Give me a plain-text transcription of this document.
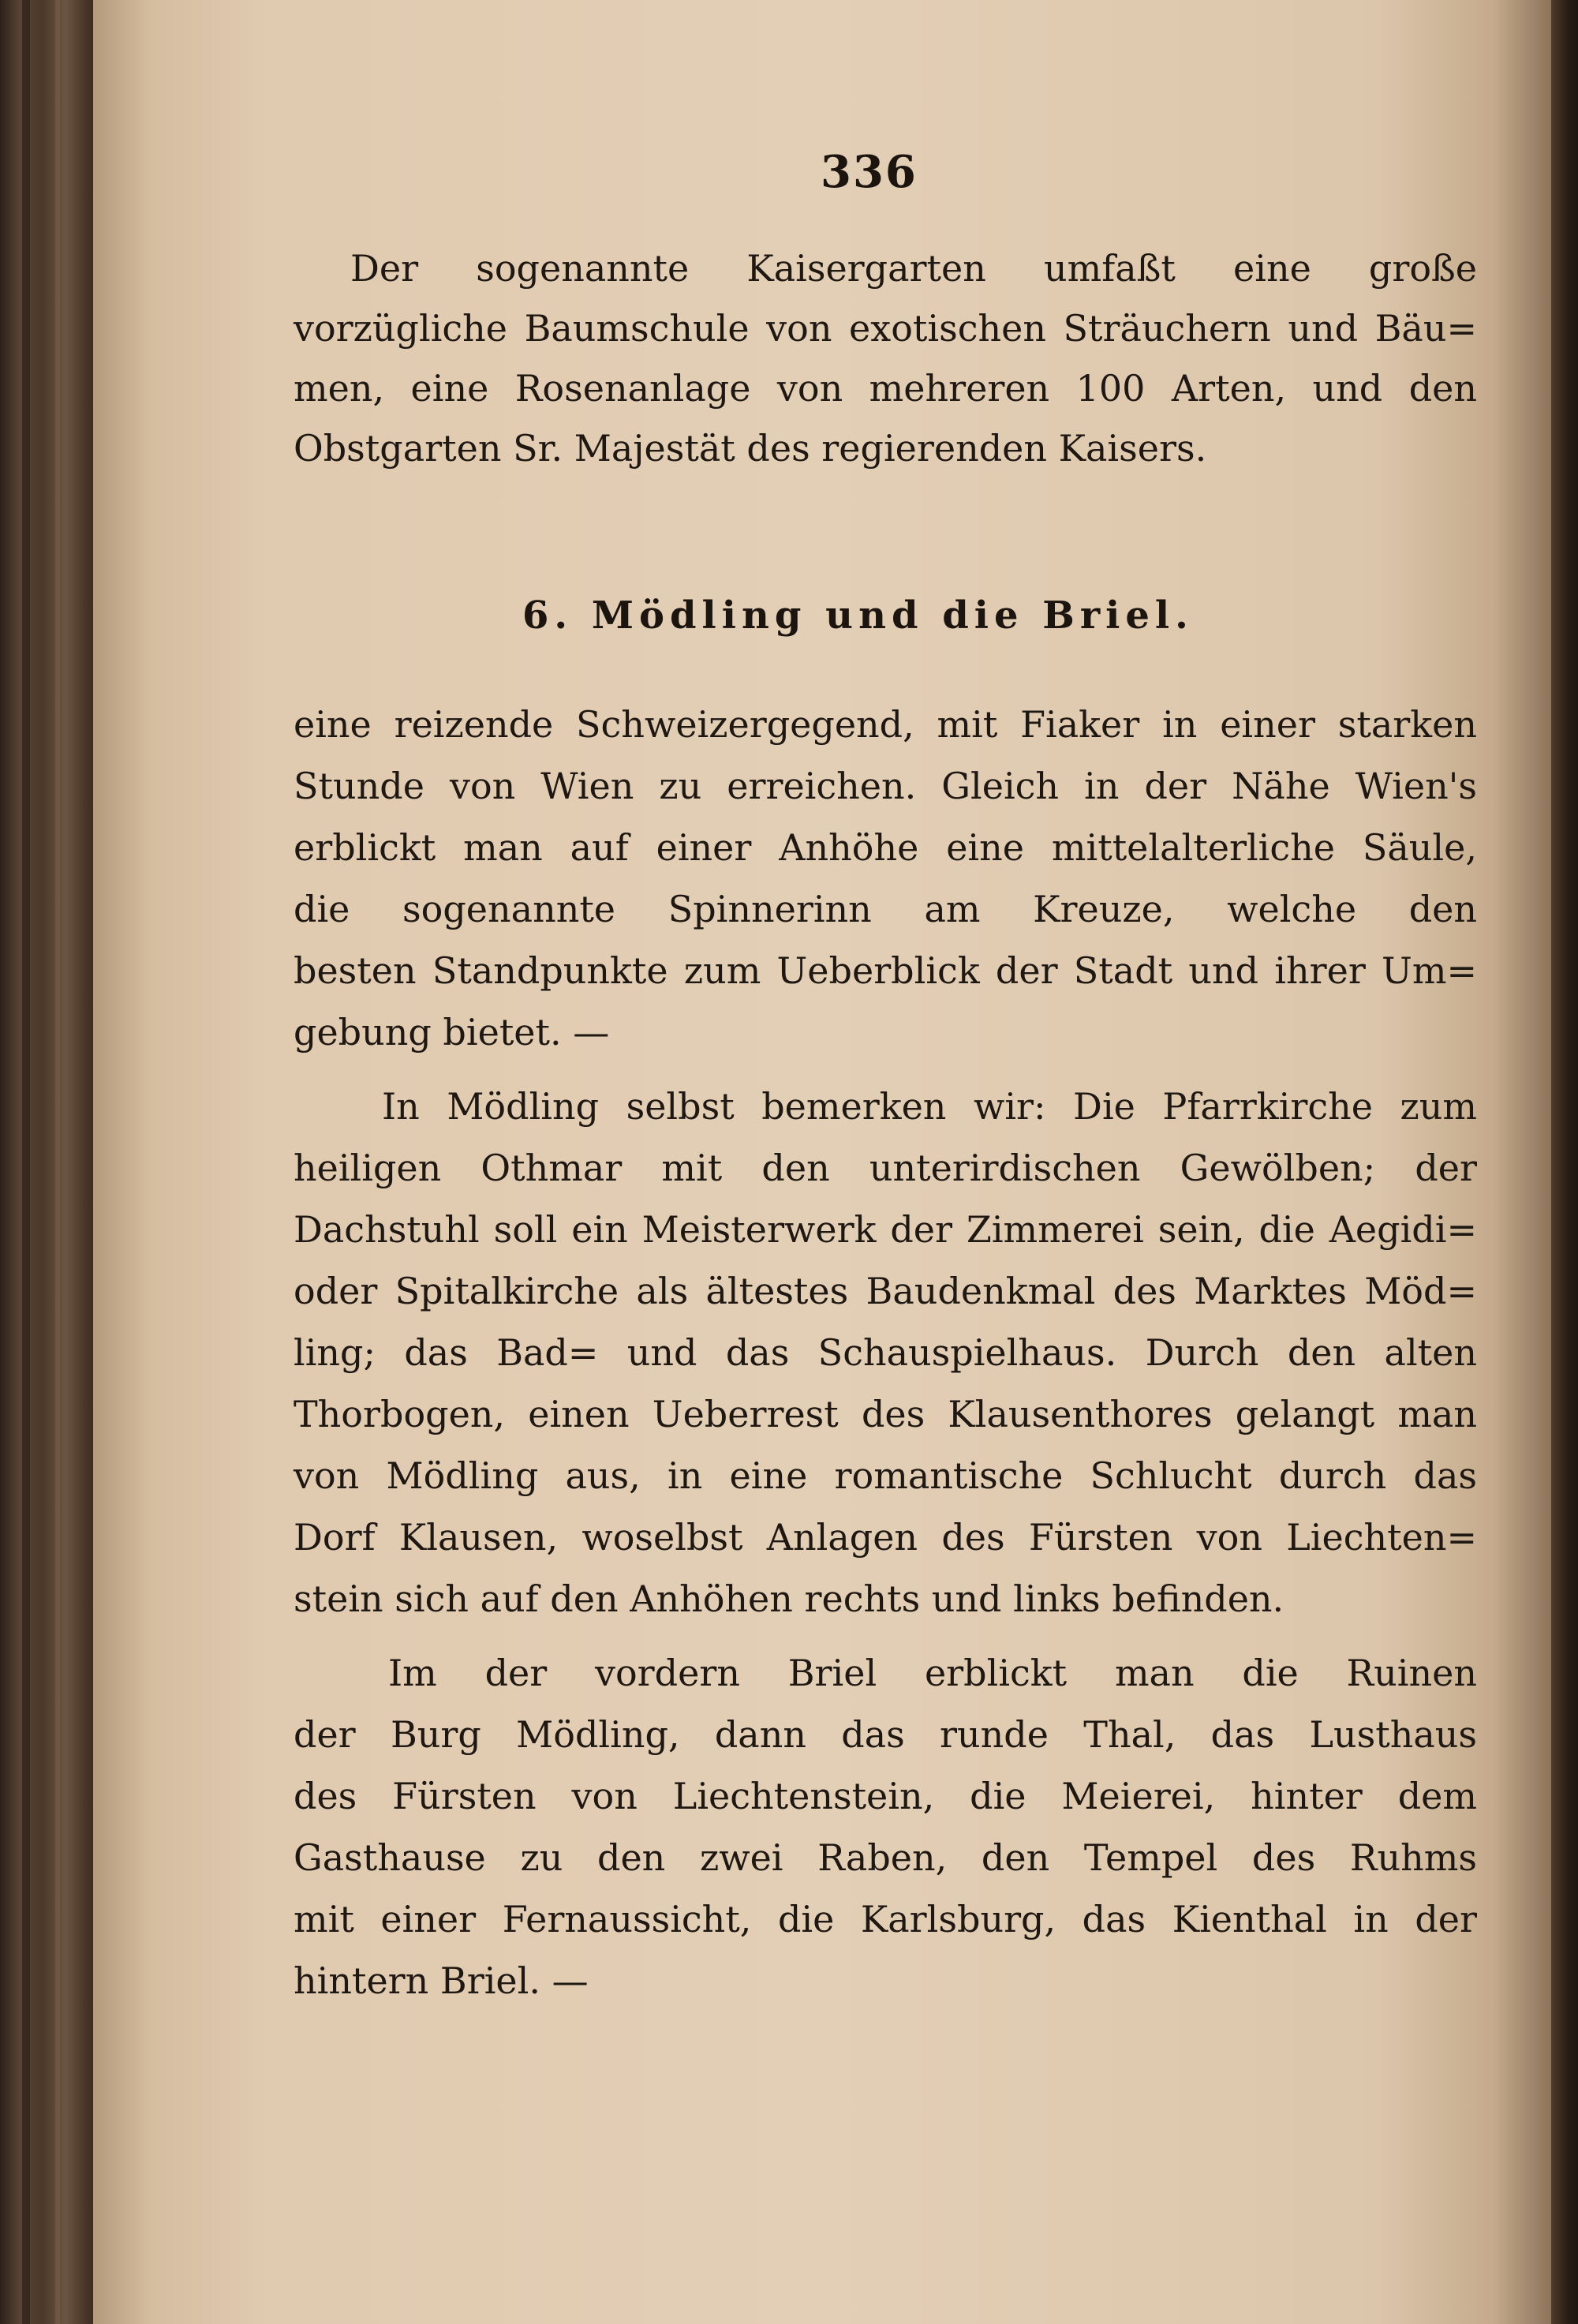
336
Der sogenannte Kaisergarten umfaßt eine große
vorzügliche Baumschule von exotischen Sträuchern und Bäu=
men, eine Rosenanlage von mehreren 100 Arten, und den
Obstgarten Sr. Majestät des regierenden Kaisers.
6. Mödling und die Briel.
eine reizende Schweizergegend, mit Fiaker in einer starken
Stunde von Wien zu erreichen. Gleich in der Nähe Wien's
erblickt man auf einer Anhöhe eine mittelalterliche Säule,
die sogenannte Spinnerinn am Kreuze, welche den
besten Standpunkte zum Ueberblick der Stadt und ihrer Um=
gebung bietet. —
In Mödling selbst bemerken wir: Die Pfarrkirche zum
heiligen Othmar mit den unterirdischen Gewölben; der
Dachstuhl soll ein Meisterwerk der Zimmerei sein, die Aegidi=
oder Spitalkirche als ältestes Baudenkmal des Marktes Möd=
ling; das Bad= und das Schauspielhaus. Durch den alten
Thorbogen, einen Ueberrest des Klausenthores gelangt man
von Mödling aus, in eine romantische Schlucht durch das
Dorf Klausen, woselbst Anlagen des Fürsten von Liechten=
stein sich auf den Anhöhen rechts und links befinden.
Im der vordern Briel erblickt man die Ruinen
der Burg Mödling, dann das runde Thal, das Lusthaus
des Fürsten von Liechtenstein, die Meierei, hinter dem
Gasthause zu den zwei Raben, den Tempel des Ruhms
mit einer Fernaussicht, die Karlsburg, das Kienthal in der
hintern Briel. —
